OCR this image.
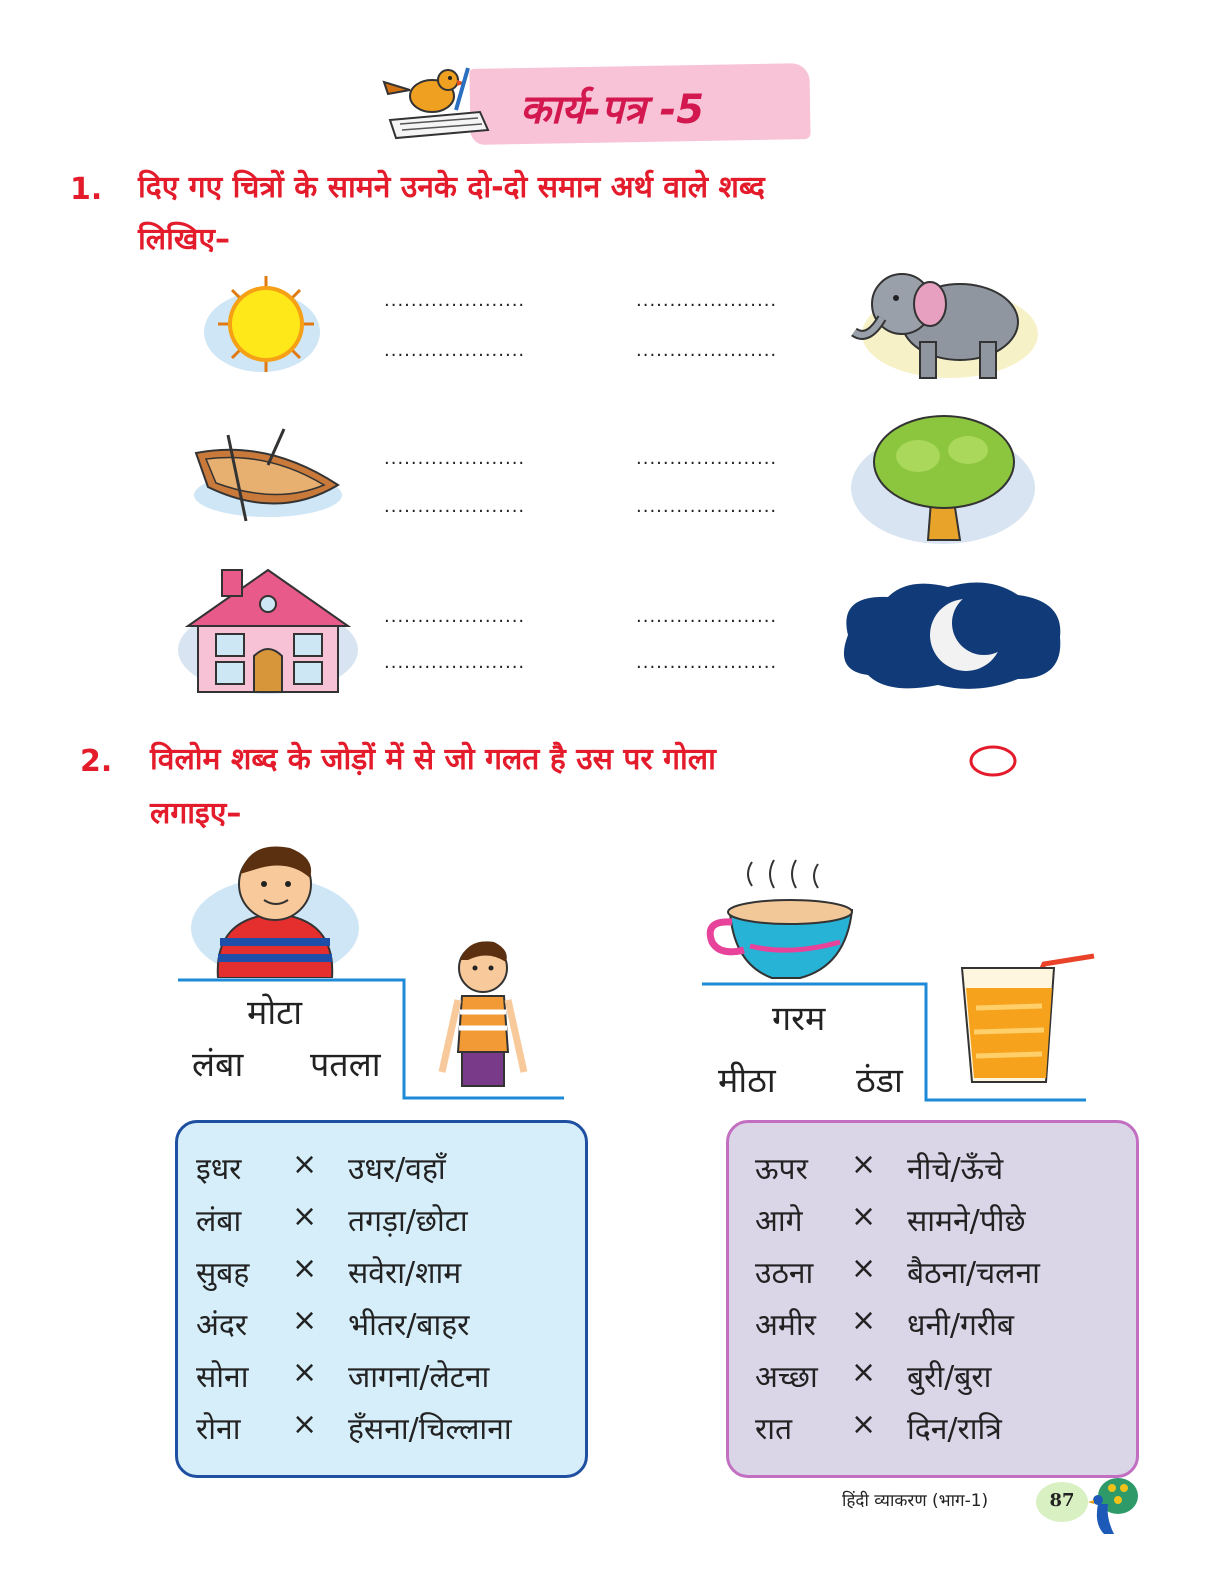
कार्य-पत्र -5
1. दिए गए चित्रों के सामने उनके दो-दो समान अर्थ वाले शब्द
लिखिए–
.....................
.....................
.....................
.....................
.....................
.....................
.....................
.....................
.....................
.....................
.....................
.....................
2. विलोम शब्द के जोड़ों में से जो गलत है उस पर गोला
लगाइए–
मोटा
लंबा पतला
गरम
मीठा ठंडा
इधर × उधर/वहाँ
लंबा × तगड़ा/छोटा
सुबह × सवेरा/शाम
अंदर × भीतर/बाहर
सोना × जागना/लेटना
रोना × हँसना/चिल्लाना
ऊपर × नीचे/ऊँचे
आगे × सामने/पीछे
उठना × बैठना/चलना
अमीर × धनी/गरीब
अच्छा × बुरी/बुरा
रात × दिन/रात्रि
हिंदी व्याकरण (भाग-1)	87
